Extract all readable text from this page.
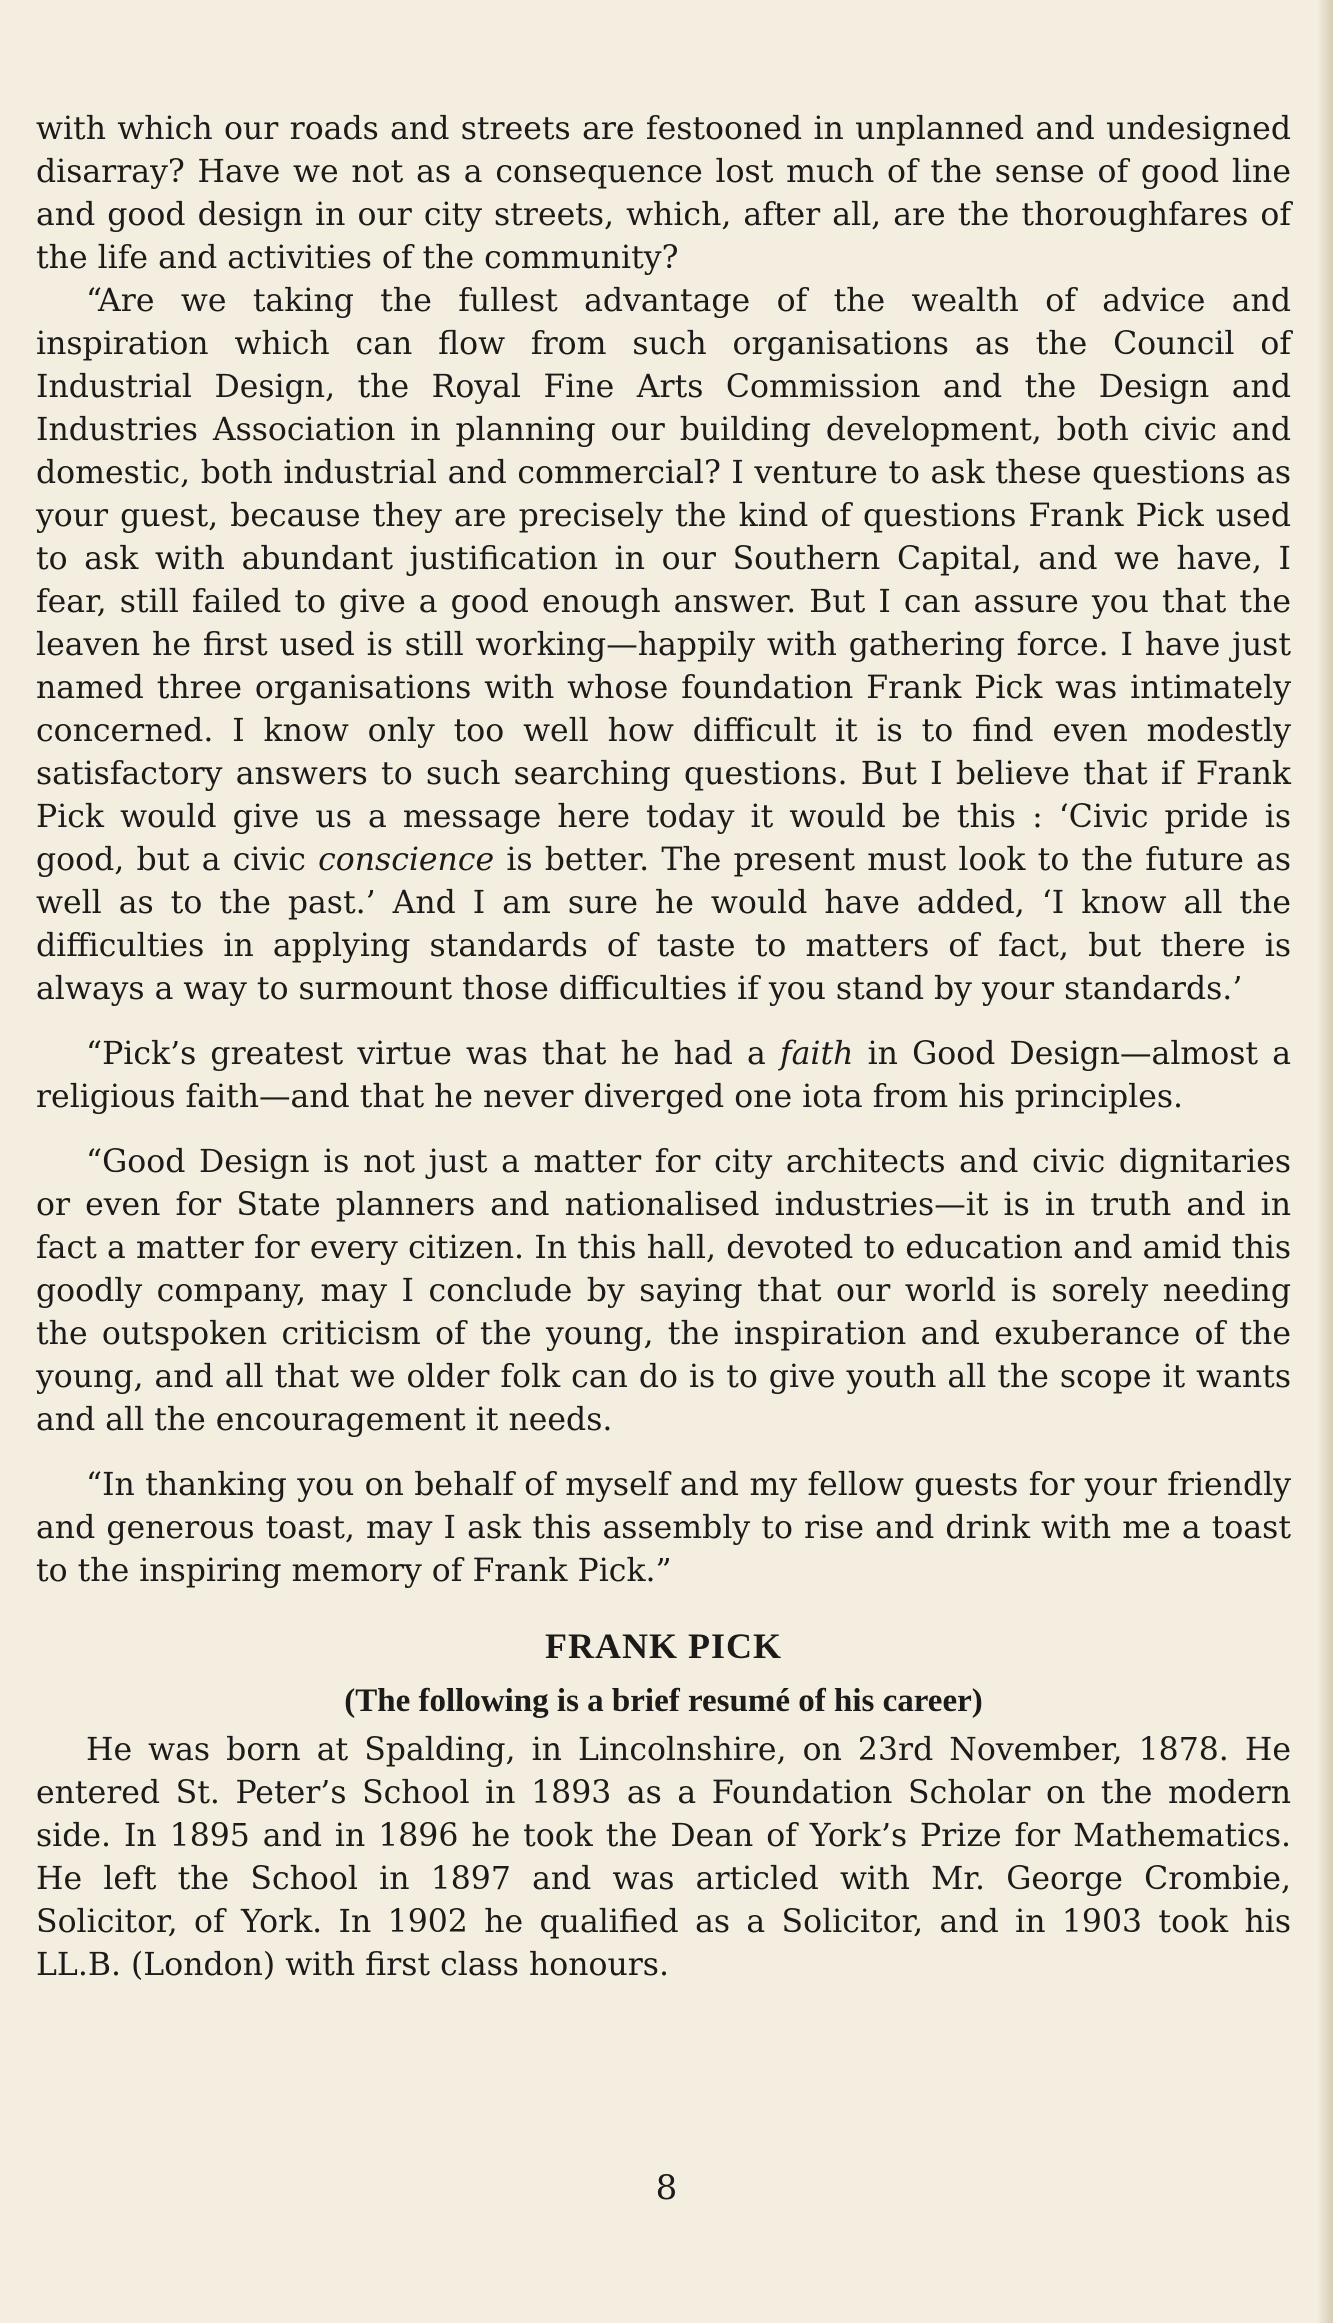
with which our roads and streets are festooned in unplanned and undesigned disarray? Have we not as a consequence lost much of the sense of good line and good design in our city streets, which, after all, are the thoroughfares of the life and activities of the community?

“Are we taking the fullest advantage of the wealth of advice and inspiration which can flow from such organisations as the Council of Industrial Design, the Royal Fine Arts Commission and the Design and Industries Association in planning our building development, both civic and domestic, both industrial and commercial? I venture to ask these questions as your guest, because they are precisely the kind of questions Frank Pick used to ask with abundant justification in our Southern Capital, and we have, I fear, still failed to give a good enough answer. But I can assure you that the leaven he first used is still working—happily with gathering force. I have just named three organisations with whose foundation Frank Pick was intimately concerned. I know only too well how difficult it is to find even modestly satisfactory answers to such searching questions. But I believe that if Frank Pick would give us a message here today it would be this : ‘Civic pride is good, but a civic conscience is better. The present must look to the future as well as to the past.’ And I am sure he would have added, ‘I know all the difficulties in applying standards of taste to matters of fact, but there is always a way to surmount those difficulties if you stand by your standards.’

“Pick’s greatest virtue was that he had a faith in Good Design—almost a religious faith—and that he never diverged one iota from his principles.

“Good Design is not just a matter for city architects and civic dignitaries or even for State planners and nationalised industries—it is in truth and in fact a matter for every citizen. In this hall, devoted to education and amid this goodly company, may I conclude by saying that our world is sorely needing the outspoken criticism of the young, the inspiration and exuberance of the young, and all that we older folk can do is to give youth all the scope it wants and all the encouragement it needs.

“In thanking you on behalf of myself and my fellow guests for your friendly and generous toast, may I ask this assembly to rise and drink with me a toast to the inspiring memory of Frank Pick.”

FRANK PICK
(The following is a brief resumé of his career)

He was born at Spalding, in Lincolnshire, on 23rd November, 1878. He entered St. Peter’s School in 1893 as a Foundation Scholar on the modern side. In 1895 and in 1896 he took the Dean of York’s Prize for Mathematics. He left the School in 1897 and was articled with Mr. George Crombie, Solicitor, of York. In 1902 he qualified as a Solicitor, and in 1903 took his LL.B. (London) with first class honours.

8
